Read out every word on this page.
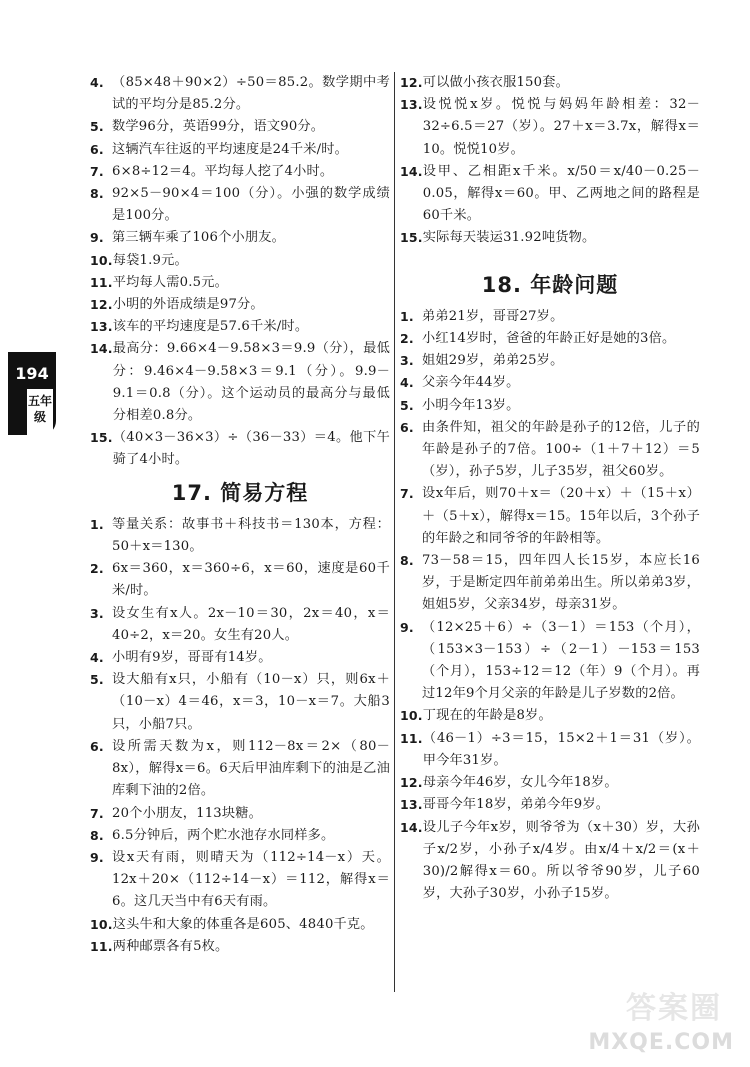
194
五年级
4. （85×48＋90×2）÷50＝85.2。数学期中考试的平均分是85.2分。
5. 数学96分，英语99分，语文90分。
6. 这辆汽车往返的平均速度是24千米/时。
7. 6×8÷12＝4。平均每人挖了4小时。
8. 92×5－90×4＝100（分）。小强的数学成绩是100分。
9. 第三辆车乘了106个小朋友。
10. 每袋1.9元。
11. 平均每人需0.5元。
12. 小明的外语成绩是97分。
13. 该车的平均速度是57.6千米/时。
14. 最高分：9.66×4－9.58×3＝9.9（分），最低分：9.46×4－9.58×3＝9.1（分）。9.9－9.1＝0.8（分）。这个运动员的最高分与最低分相差0.8分。
15. （40×3－36×3）÷（36－33）＝4。他下午骑了4小时。
17. 简易方程
1. 等量关系：故事书＋科技书＝130本，方程：50＋x＝130。
2. 6x＝360，x＝360÷6，x＝60，速度是60千米/时。
3. 设女生有x人。2x－10＝30，2x＝40，x＝40÷2，x＝20。女生有20人。
4. 小明有9岁，哥哥有14岁。
5. 设大船有x只，小船有（10－x）只，则6x＋（10－x）4＝46，x＝3，10－x＝7。大船3只，小船7只。
6. 设所需天数为x，则112－8x＝2×（80－8x），解得x＝6。6天后甲油库剩下的油是乙油库剩下油的2倍。
7. 20个小朋友，113块糖。
8. 6.5分钟后，两个贮水池存水同样多。
9. 设x天有雨，则晴天为（112÷14－x）天。12x＋20×（112÷14－x）＝112，解得x＝6。这几天当中有6天有雨。
10. 这头牛和大象的体重各是605、4840千克。
11. 两种邮票各有5枚。
12. 可以做小孩衣服150套。
13. 设悦悦x岁。悦悦与妈妈年龄相差：32－32÷6.5＝27（岁）。27＋x＝3.7x，解得x＝10。悦悦10岁。
14. 设甲、乙相距x千米。x/50＝x/40－0.25－0.05，解得x＝60。甲、乙两地之间的路程是60千米。
15. 实际每天装运31.92吨货物。
18. 年龄问题
1. 弟弟21岁，哥哥27岁。
2. 小红14岁时，爸爸的年龄正好是她的3倍。
3. 姐姐29岁，弟弟25岁。
4. 父亲今年44岁。
5. 小明今年13岁。
6. 由条件知，祖父的年龄是孙子的12倍，儿子的年龄是孙子的7倍。100÷（1＋7＋12）＝5（岁），孙子5岁，儿子35岁，祖父60岁。
7. 设x年后，则70＋x＝（20＋x）＋（15＋x）＋（5＋x），解得x＝15。15年以后，3个孙子的年龄之和同爷爷的年龄相等。
8. 73－58＝15，四年四人长15岁，本应长16岁，于是断定四年前弟弟出生。所以弟弟3岁，姐姐5岁，父亲34岁，母亲31岁。
9. （12×25＋6）÷（3－1）＝153（个月），（153×3－153）÷（2－1）－153＝153（个月），153÷12＝12（年）9（个月）。再过12年9个月父亲的年龄是儿子岁数的2倍。
10. 丁现在的年龄是8岁。
11. （46－1）÷3＝15，15×2＋1＝31（岁）。甲今年31岁。
12. 母亲今年46岁，女儿今年18岁。
13. 哥哥今年18岁，弟弟今年9岁。
14. 设儿子今年x岁，则爷爷为（x＋30）岁，大孙子x/2岁，小孙子x/4岁。由x/4＋x/2＝(x＋30)/2解得x＝60。所以爷爷90岁，儿子60岁，大孙子30岁，小孙子15岁。
答案圈
MXQE.COM
